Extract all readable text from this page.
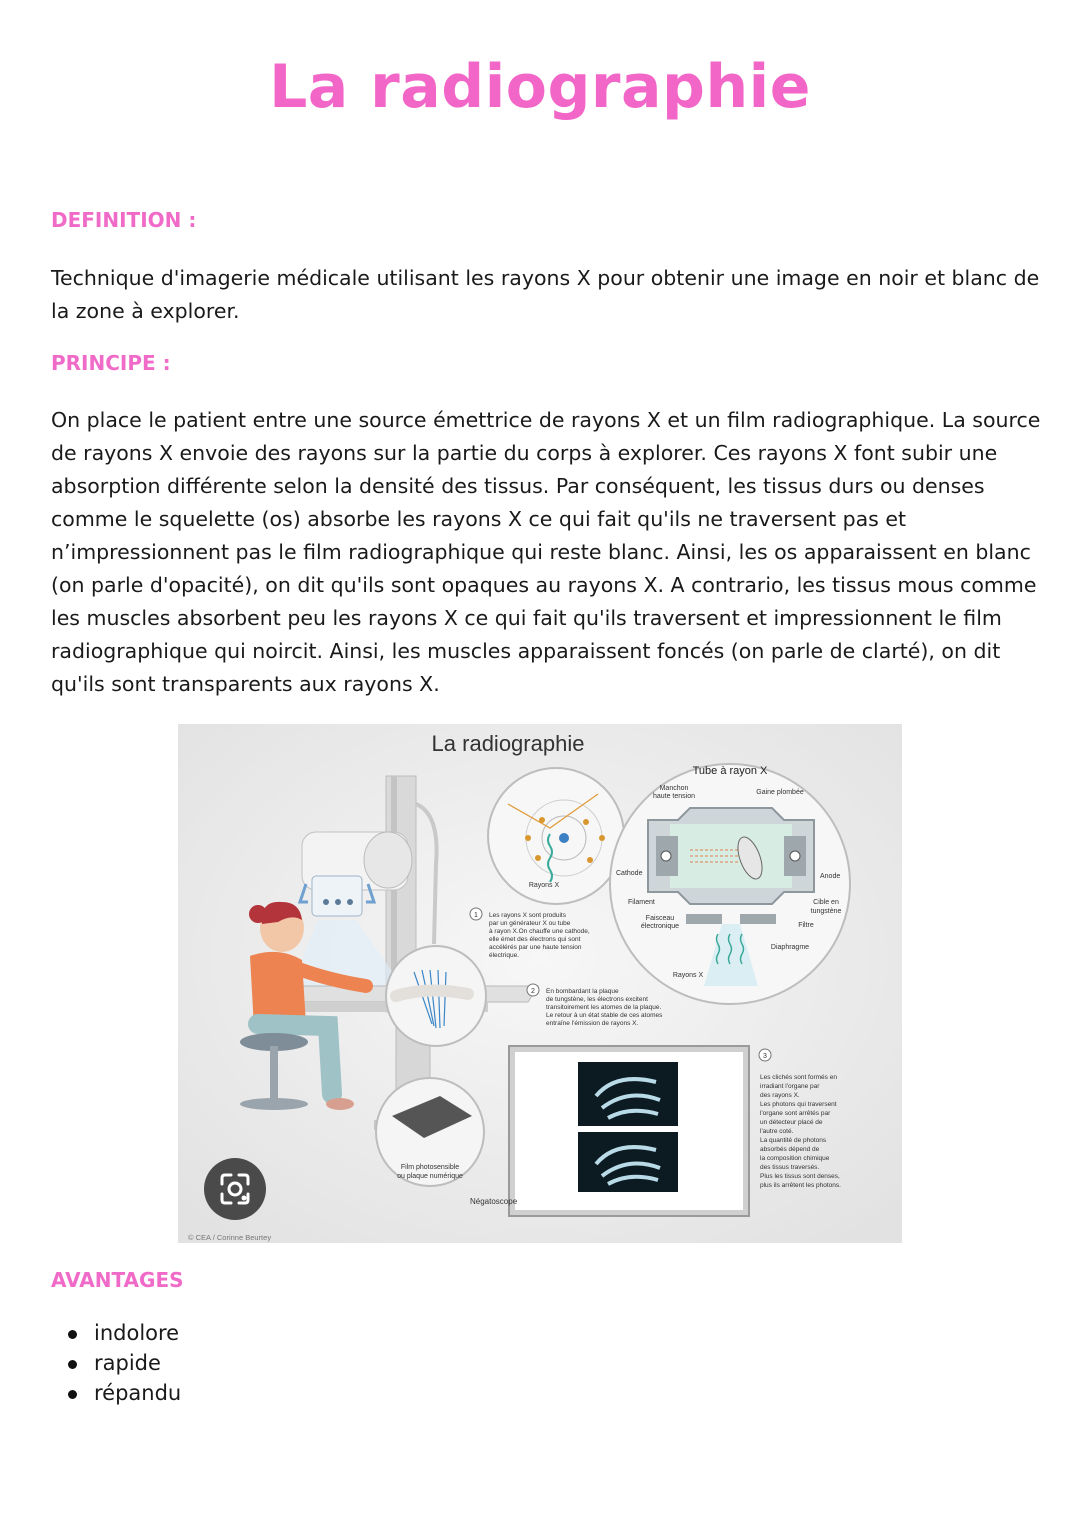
La radiographie
DEFINITION :
Technique d'imagerie médicale utilisant les rayons X pour obtenir une image en noir et blanc de
la zone à explorer.
PRINCIPE :
On place le patient entre une source émettrice de rayons X et un film radiographique. La source
de rayons X envoie des rayons sur la partie du corps à explorer. Ces rayons X font subir une
absorption différente selon la densité des tissus. Par conséquent, les tissus durs ou denses
comme le squelette (os) absorbe les rayons X ce qui fait qu'ils ne traversent pas et
n’impressionnent pas le film radiographique qui reste blanc. Ainsi, les os apparaissent en blanc
(on parle d'opacité), on dit qu'ils sont opaques au rayons X. A contrario, les tissus mous comme
les muscles absorbent peu les rayons X ce qui fait qu'ils traversent et impressionnent le film
radiographique qui noircit. Ainsi, les muscles apparaissent foncés (on parle de clarté), on dit
qu'ils sont transparents aux rayons X.
La radiographie
Film photosensible
ou plaque numérique
Rayons X
Tube à rayon X
Manchon
haute tension
Gaine plombée
Cathode	Anode
Filament
Faisceau
électronique
Cible en
tungstène
Filtre
Diaphragme
Rayons X
1 Les rayons X sont produits
par un générateur X ou tube
à rayon X.On chauffe une cathode,
elle émet des électrons qui sont
accélérés par une haute tension
électrique.
2 En bombardant la plaque
de tungstène, les électrons excitent
transitoirement les atomes de la plaque.
Le retour à un état stable de ces atomes
entraîne l'émission de rayons X.
Négatoscope
3
Les clichés sont formés en
irradiant l'organe par
des rayons X.
Les photons qui traversent
l'organe sont arrêtés par
un détecteur placé de
l'autre coté.
La quantité de photons
absorbés dépend de
la composition chimique
des tissus traversés.
Plus les tissus sont denses,
plus ils arrêtent les photons.
© CEA / Corinne Beurtey
AVANTAGES
indolore
rapide
répandu
